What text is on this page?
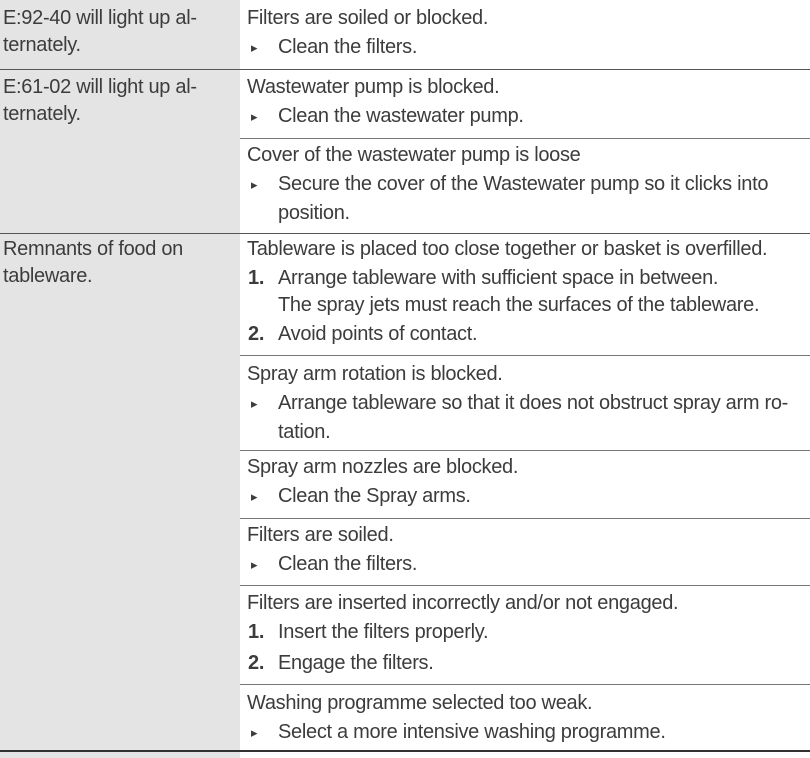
E:92-40 will light up al-
ternately.
Filters are soiled or blocked.
▸ Clean the filters.
E:61-02 will light up al-
ternately.
Wastewater pump is blocked.
▸ Clean the wastewater pump.
Cover of the wastewater pump is loose
▸ Secure the cover of the Wastewater pump so it clicks into
position.
Remnants of food on
tableware.
Tableware is placed too close together or basket is overfilled.
1. Arrange tableware with sufficient space in between.
The spray jets must reach the surfaces of the tableware.
2. Avoid points of contact.
Spray arm rotation is blocked.
▸ Arrange tableware so that it does not obstruct spray arm ro-
tation.
Spray arm nozzles are blocked.
▸ Clean the Spray arms.
Filters are soiled.
▸ Clean the filters.
Filters are inserted incorrectly and/or not engaged.
1. Insert the filters properly.
2. Engage the filters.
Washing programme selected too weak.
▸ Select a more intensive washing programme.
